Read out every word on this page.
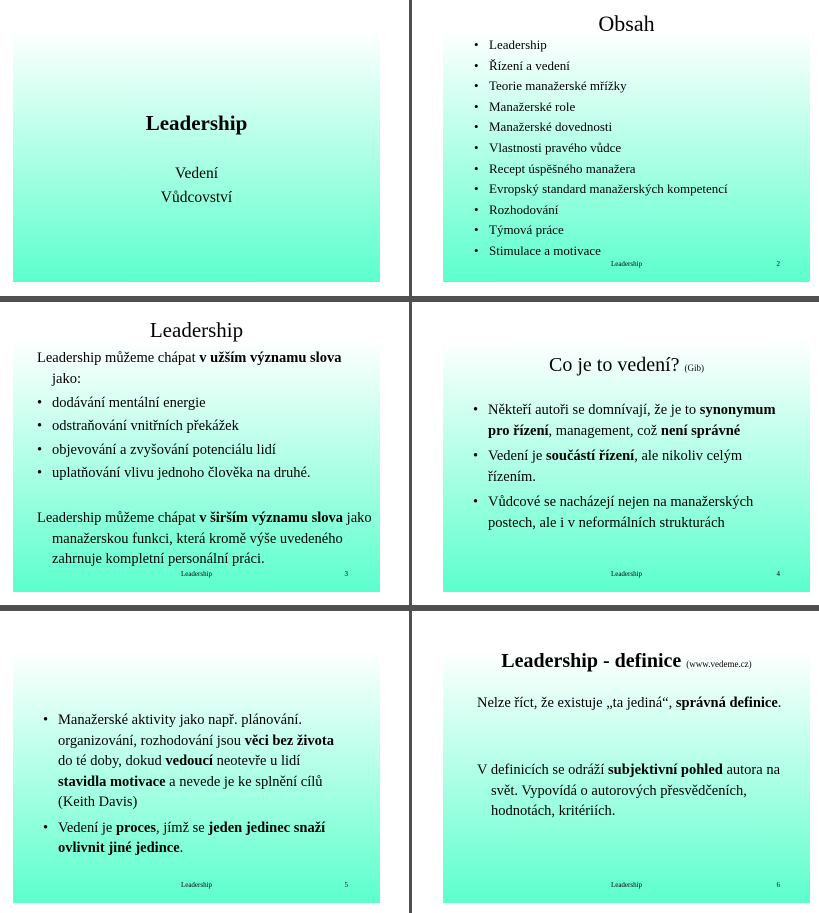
Leadership
Vedení
Vůdcovství
Obsah
• Leadership
• Řízení a vedení
• Teorie manažerské mřížky
• Manažerské role
• Manažerské dovednosti
• Vlastnosti pravého vůdce
• Recept úspěšného manažera
• Evropský standard manažerských kompetencí
• Rozhodování
• Týmová práce
• Stimulace a motivace
Leadership	2
Leadership
Leadership můžeme chápat v užším významu slova jako:
• dodávání mentální energie
• odstraňování vnitřních překážek
• objevování a zvyšování potenciálu lidí
• uplatňování vlivu jednoho člověka na druhé.
Leadership můžeme chápat v širším významu slova jako manažerskou funkci, která kromě výše uvedeného zahrnuje kompletní personální práci.
Leadership	3
Co je to vedení? (Gib)
• Někteří autoři se domnívají, že je to synonymum pro řízení, management, což není správné
• Vedení je součástí řízení, ale nikoliv celým řízením.
• Vůdcové se nacházejí nejen na manažerských postech, ale i v neformálních strukturách
Leadership	4
• Manažerské aktivity jako např. plánování. organizování, rozhodování jsou věci bez života do té doby, dokud vedoucí neotevře u lidí stavidla motivace a nevede je ke splnění cílů (Keith Davis)
• Vedení je proces, jímž se jeden jedinec snaží ovlivnit jiné jedince.
Leadership	5
Leadership - definice (www.vedeme.cz)
Nelze říct, že existuje „ta jediná“, správná definice.
V definicích se odráží subjektivní pohled autora na svět. Vypovídá o autorových přesvědčeních, hodnotách, kritériích.
Leadership	6
